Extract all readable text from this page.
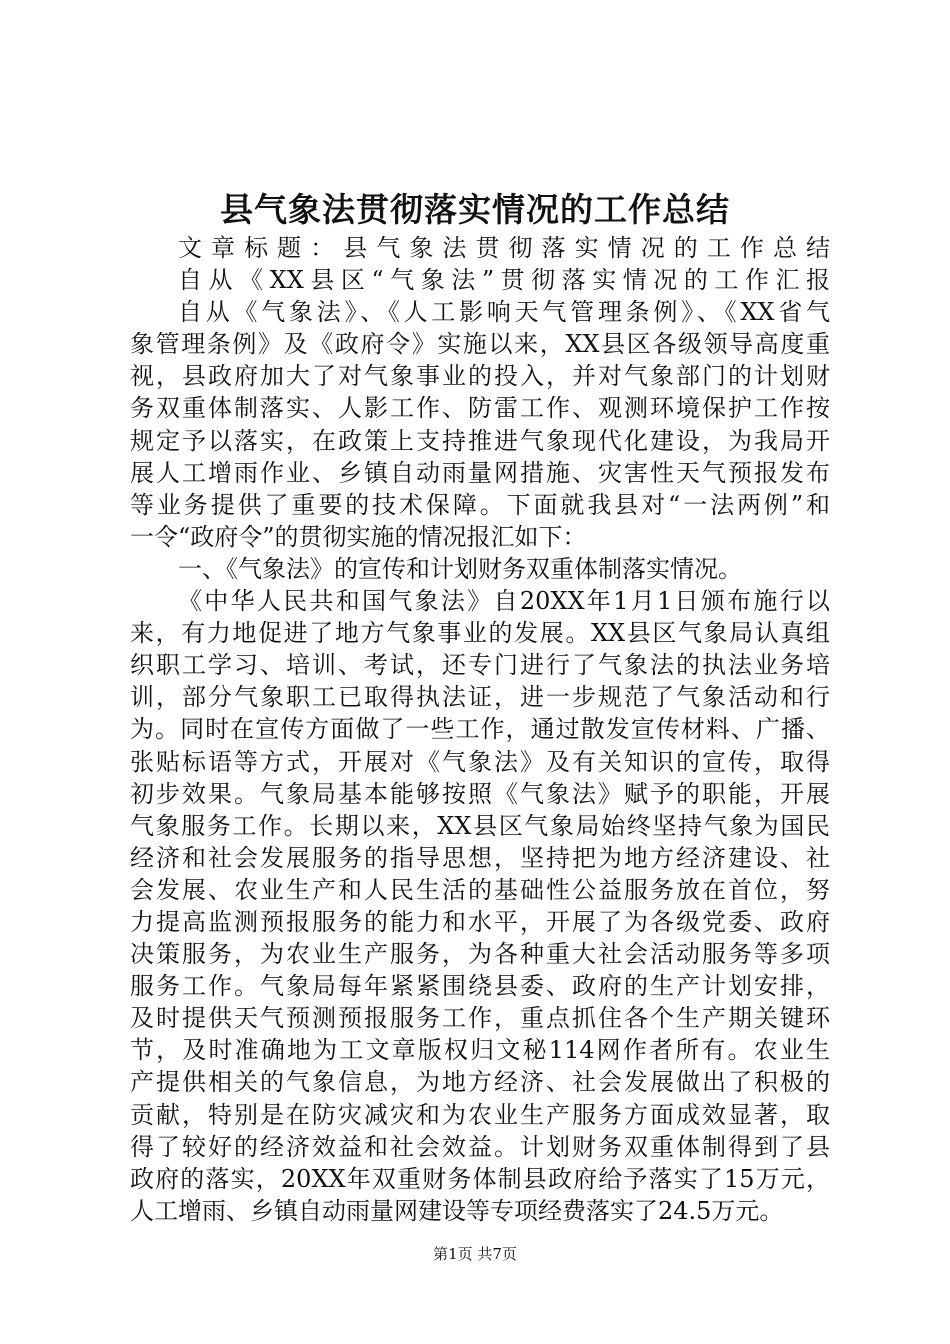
县气象法贯彻落实情况的工作总结
文章标题：县气象法贯彻落实情况的工作总结
自从《XX县区“气象法”贯彻落实情况的工作汇报
自从《气象法》、《人工影响天气管理条例》、《XX省气
象管理条例》及《政府令》实施以来，XX县区各级领导高度重
视，县政府加大了对气象事业的投入，并对气象部门的计划财
务双重体制落实、人影工作、防雷工作、观测环境保护工作按
规定予以落实，在政策上支持推进气象现代化建设，为我局开
展人工增雨作业、乡镇自动雨量网措施、灾害性天气预报发布
等业务提供了重要的技术保障。下面就我县对“一法两例”和
一令“政府令”的贯彻实施的情况报汇如下：
一、《气象法》的宣传和计划财务双重体制落实情况。
《中华人民共和国气象法》自20XX年1月1日颁布施行以
来，有力地促进了地方气象事业的发展。XX县区气象局认真组
织职工学习、培训、考试，还专门进行了气象法的执法业务培
训，部分气象职工已取得执法证，进一步规范了气象活动和行
为。同时在宣传方面做了一些工作，通过散发宣传材料、广播、
张贴标语等方式，开展对《气象法》及有关知识的宣传，取得
初步效果。气象局基本能够按照《气象法》赋予的职能，开展
气象服务工作。长期以来，XX县区气象局始终坚持气象为国民
经济和社会发展服务的指导思想，坚持把为地方经济建设、社
会发展、农业生产和人民生活的基础性公益服务放在首位，努
力提高监测预报服务的能力和水平，开展了为各级党委、政府
决策服务，为农业生产服务，为各种重大社会活动服务等多项
服务工作。气象局每年紧紧围绕县委、政府的生产计划安排，
及时提供天气预测预报服务工作，重点抓住各个生产期关键环
节，及时准确地为工文章版权归文秘114网作者所有。农业生
产提供相关的气象信息，为地方经济、社会发展做出了积极的
贡献，特别是在防灾减灾和为农业生产服务方面成效显著，取
得了较好的经济效益和社会效益。计划财务双重体制得到了县
政府的落实，20XX年双重财务体制县政府给予落实了15万元，
人工增雨、乡镇自动雨量网建设等专项经费落实了24.5万元。
第1页 共7页
